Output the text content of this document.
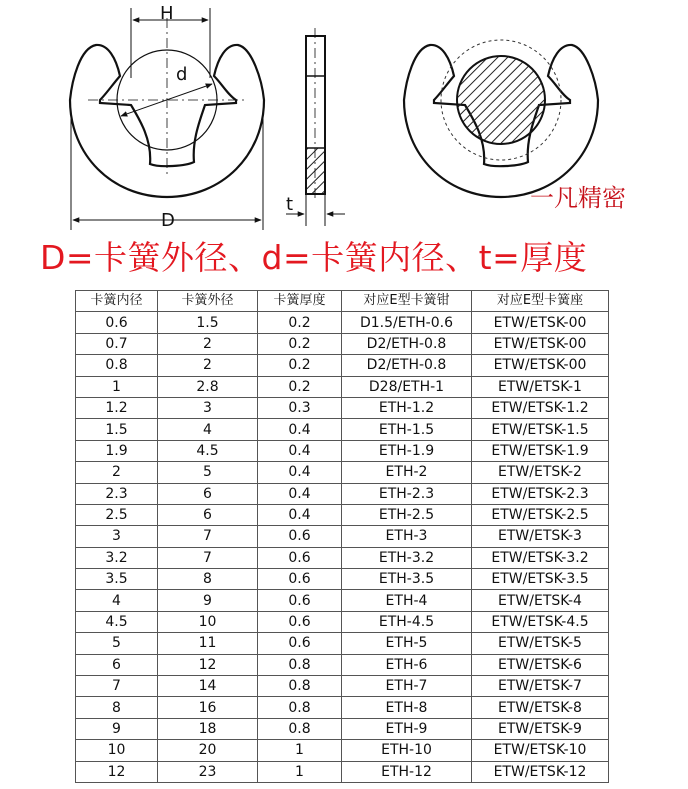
H
d
D
t	一凡精密
D=卡簧外径、d=卡簧内径、t=厚度
卡簧内径	卡簧外径	卡簧厚度	对应E型卡簧钳	对应E型卡簧座
0.6	1.5	0.2	D1.5/ETH-0.6	ETW/ETSK-00
0.7	2	0.2	D2/ETH-0.8	ETW/ETSK-00
0.8	2	0.2	D2/ETH-0.8	ETW/ETSK-00
1	2.8	0.2	D28/ETH-1	ETW/ETSK-1
1.2	3	0.3	ETH-1.2	ETW/ETSK-1.2
1.5	4	0.4	ETH-1.5	ETW/ETSK-1.5
1.9	4.5	0.4	ETH-1.9	ETW/ETSK-1.9
2	5	0.4	ETH-2	ETW/ETSK-2
2.3	6	0.4	ETH-2.3	ETW/ETSK-2.3
2.5	6	0.4	ETH-2.5	ETW/ETSK-2.5
3	7	0.6	ETH-3	ETW/ETSK-3
3.2	7	0.6	ETH-3.2	ETW/ETSK-3.2
3.5	8	0.6	ETH-3.5	ETW/ETSK-3.5
4	9	0.6	ETH-4	ETW/ETSK-4
4.5	10	0.6	ETH-4.5	ETW/ETSK-4.5
5	11	0.6	ETH-5	ETW/ETSK-5
6	12	0.8	ETH-6	ETW/ETSK-6
7	14	0.8	ETH-7	ETW/ETSK-7
8	16	0.8	ETH-8	ETW/ETSK-8
9	18	0.8	ETH-9	ETW/ETSK-9
10	20	1	ETH-10	ETW/ETSK-10
12	23	1	ETH-12	ETW/ETSK-12
